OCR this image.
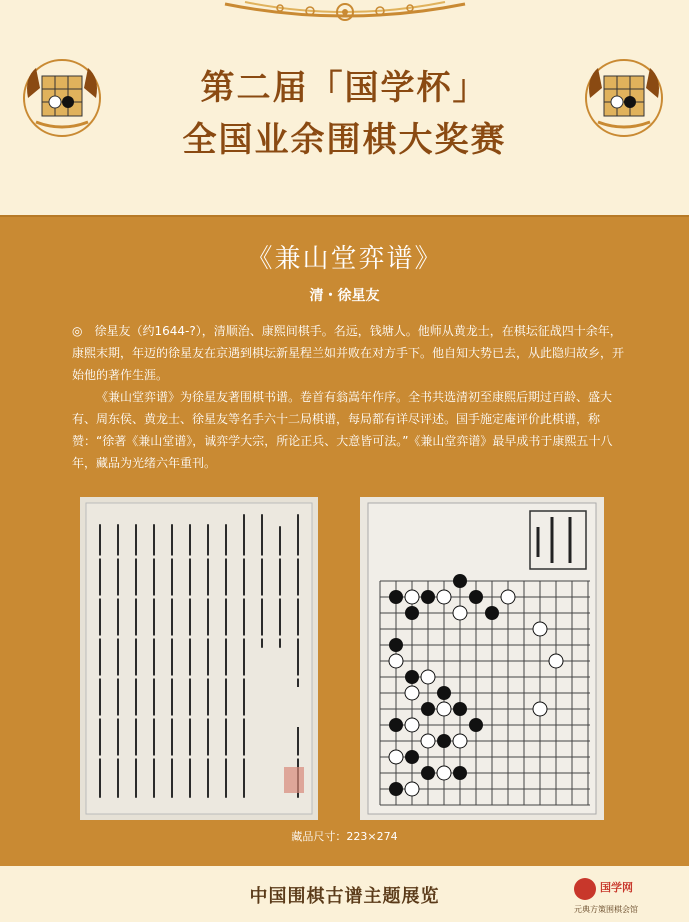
第二届「国学杯」
全国业余围棋大奖赛
《兼山堂弈谱》
清・徐星友

◎　徐星友（约1644-?），清顺治、康熙间棋手。名远，钱塘人。他师从黄龙士，在棋坛征战四十余年，康熙末期，年迈的徐星友在京遇到棋坛新星程兰如并败在对方手下。他自知大势已去，从此隐归故乡，开始他的著作生涯。

《兼山堂弈谱》为徐星友著围棋书谱。卷首有翁嵩年作序。全书共选清初至康熙后期过百龄、盛大有、周东侯、黄龙士、徐星友等名手六十二局棋谱，每局都有详尽评述。国手施定庵评价此棋谱，称赞：“徐著《兼山堂谱》，诚弈学大宗，所论正兵、大意皆可法。”《兼山堂弈谱》最早成书于康熙五十八年，藏品为光绪六年重刊。

藏品尺寸：223×274
中国围棋古谱主题展览	国学网
元典方策围棋会馆
